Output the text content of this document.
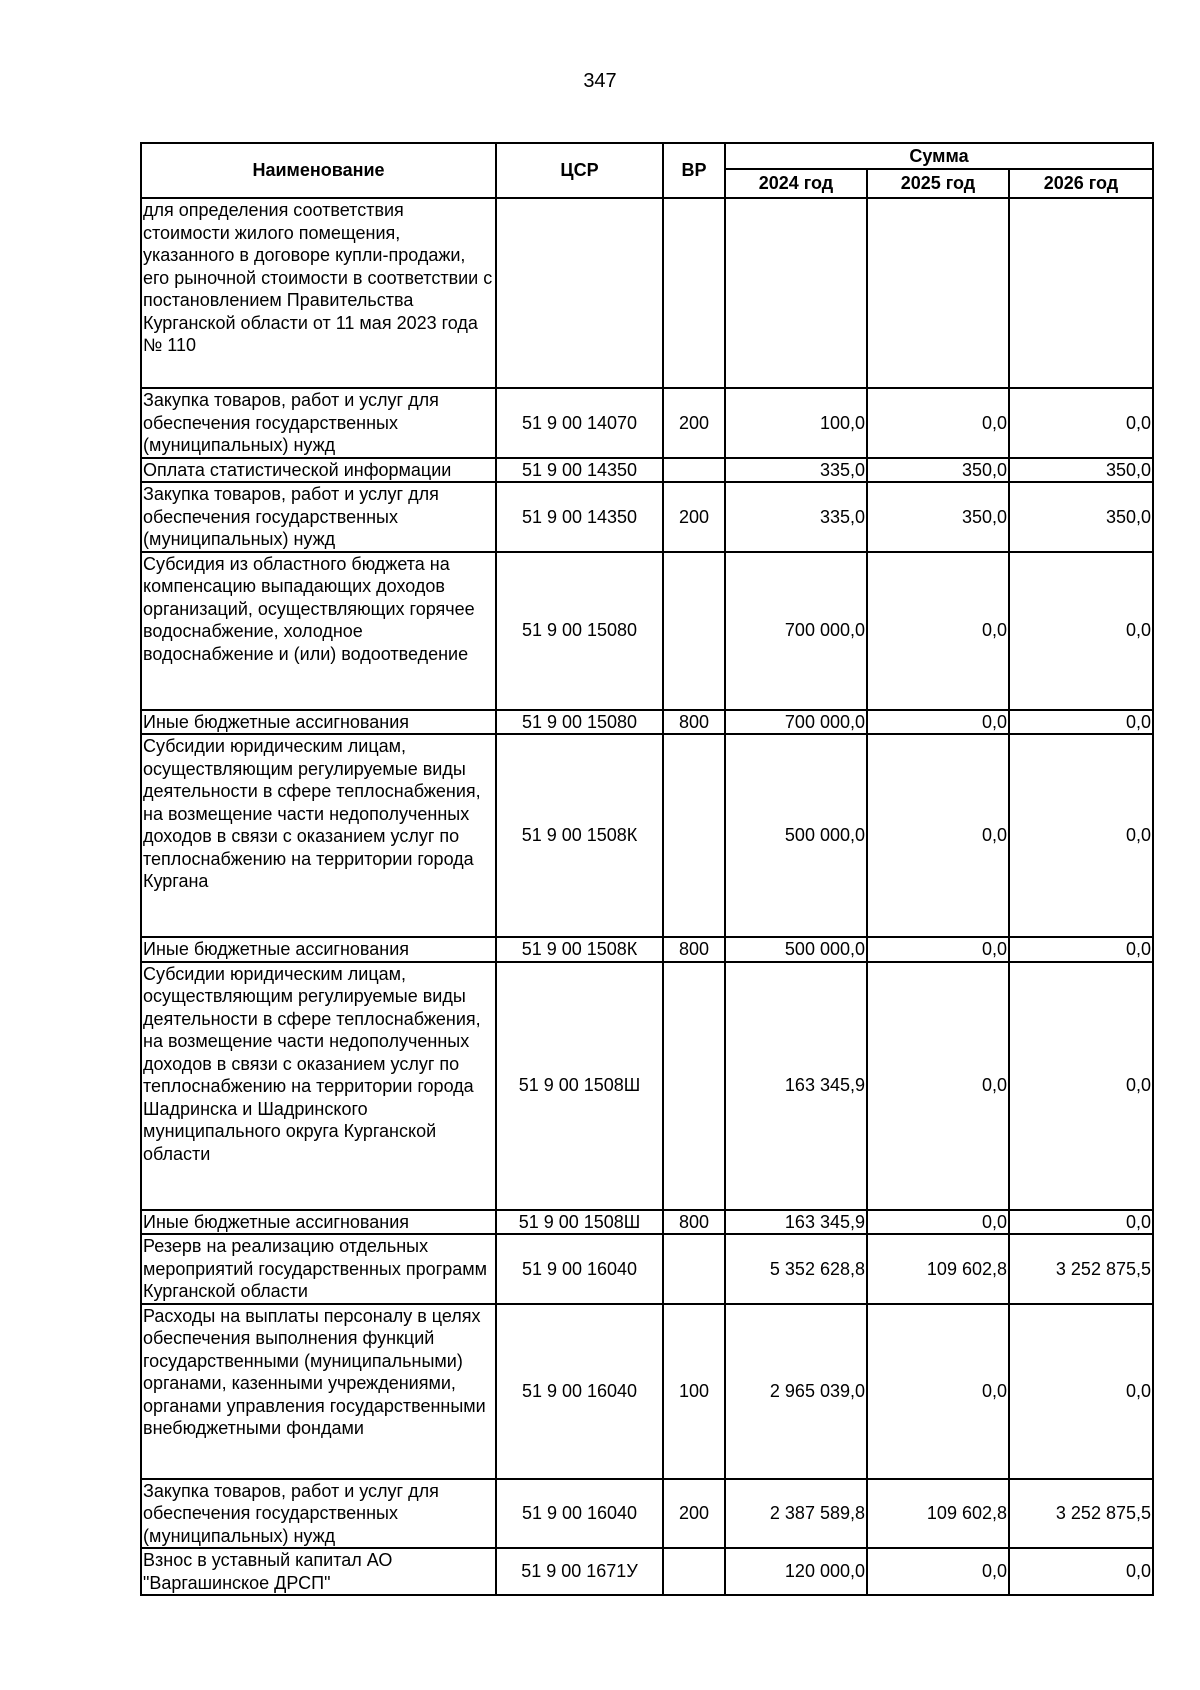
347
Наименование	ЦСР	ВР	Сумма		
			2024 год	2025 год	2026 год
для определения соответствия стоимости жилого помещения, указанного в договоре купли-продажи, его рыночной стоимости в соответствии с постановлением Правительства Курганской области от 11 мая 2023 года № 110					
Закупка товаров, работ и услуг для обеспечения государственных (муниципальных) нужд	51 9 00 14070	200	100,0	0,0	0,0
Оплата статистической информации	51 9 00 14350		335,0	350,0	350,0
Закупка товаров, работ и услуг для обеспечения государственных (муниципальных) нужд	51 9 00 14350	200	335,0	350,0	350,0
Субсидия из областного бюджета на компенсацию выпадающих доходов организаций, осуществляющих горячее водоснабжение, холодное водоснабжение и (или) водоотведение	51 9 00 15080		700 000,0	0,0	0,0
Иные бюджетные ассигнования	51 9 00 15080	800	700 000,0	0,0	0,0
Субсидии юридическим лицам, осуществляющим регулируемые виды деятельности в сфере теплоснабжения, на возмещение части недополученных доходов в связи с оказанием услуг по теплоснабжению на территории города Кургана	51 9 00 1508К		500 000,0	0,0	0,0
Иные бюджетные ассигнования	51 9 00 1508К	800	500 000,0	0,0	0,0
Субсидии юридическим лицам, осуществляющим регулируемые виды деятельности в сфере теплоснабжения, на возмещение части недополученных доходов в связи с оказанием услуг по теплоснабжению на территории города Шадринска и Шадринского муниципального округа Курганской области	51 9 00 1508Ш		163 345,9	0,0	0,0
Иные бюджетные ассигнования	51 9 00 1508Ш	800	163 345,9	0,0	0,0
Резерв на реализацию отдельных мероприятий государственных программ Курганской области	51 9 00 16040		5 352 628,8	109 602,8	3 252 875,5
Расходы на выплаты персоналу в целях обеспечения выполнения функций государственными (муниципальными) органами, казенными учреждениями, органами управления государственными внебюджетными фондами	51 9 00 16040	100	2 965 039,0	0,0	0,0
Закупка товаров, работ и услуг для обеспечения государственных (муниципальных) нужд	51 9 00 16040	200	2 387 589,8	109 602,8	3 252 875,5
Взнос в уставный капитал АО "Варгашинское ДРСП"	51 9 00 1671У		120 000,0	0,0	0,0
